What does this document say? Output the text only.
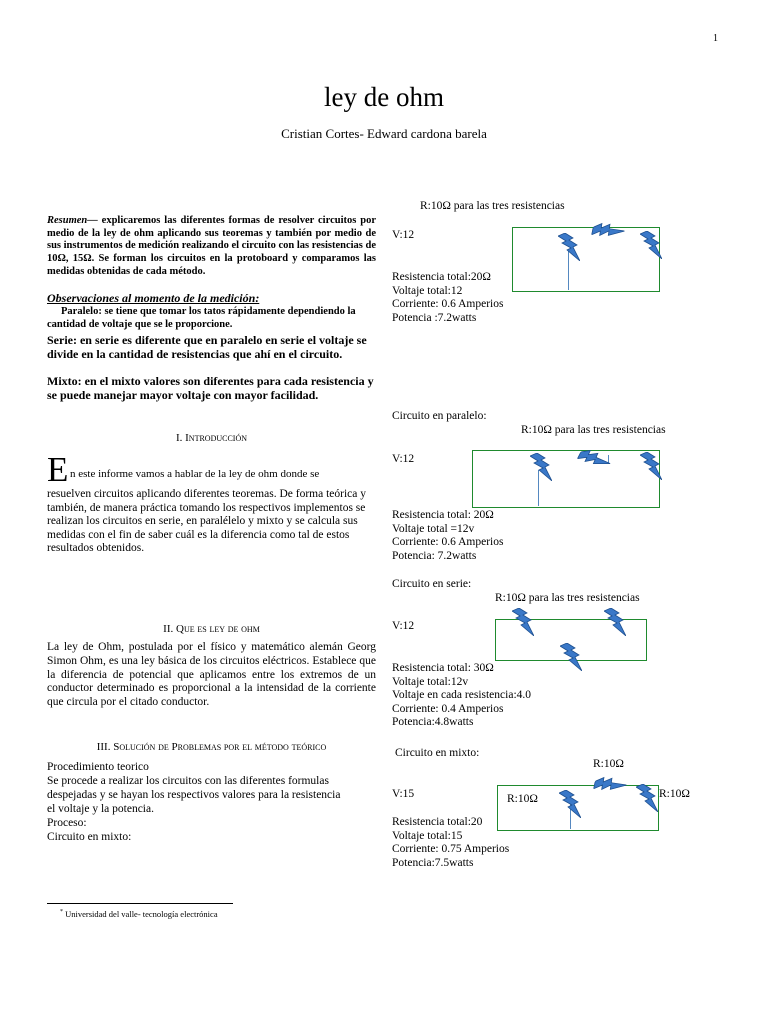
1
ley de ohm
Cristian Cortes- Edward cardona barela
Resumen— explicaremos las diferentes formas de resolver circuitos por medio de la ley de ohm aplicando sus teoremas y también por medio de sus instrumentos de medición realizando el circuito con las resistencias de 10Ω, 15Ω. Se forman los circuitos en la protoboard y comparamos las medidas obtenidas de cada método.
Observaciones al momento de la medición:
Paralelo: se tiene que tomar los tatos rápidamente dependiendo la cantidad de voltaje que se le proporcione.
Serie: en serie es diferente que en paralelo en serie el voltaje se divide en la cantidad de resistencias que ahí en el circuito.
Mixto: en el mixto valores son diferentes para cada resistencia y se puede manejar mayor voltaje con mayor facilidad.
I. Introducción
E n este informe vamos a hablar de la ley de ohm donde se
resuelven circuitos aplicando diferentes teoremas. De forma teórica y también, de manera práctica tomando los respectivos implementos se realizan los circuitos en serie, en paralélelo y mixto y se calcula sus medidas con el fin de saber cuál es la diferencia como tal de estos resultados obtenidos.
II. Que es ley de ohm
La ley de Ohm, postulada por el físico y matemático alemán Georg Simon Ohm, es una ley básica de los circuitos eléctricos. Establece que la diferencia de potencial que aplicamos entre los extremos de un conductor determinado es proporcional a la intensidad de la corriente que circula por el citado conductor.
III. Solución de Problemas por el método teórico
Procedimiento teorico
Se procede a realizar los circuitos con las diferentes formulas despejadas y se hayan los respectivos valores para la resistencia el voltaje y la potencia.
Proceso:
Circuito en mixto:
* Universidad del valle- tecnología electrónica
R:10Ω para las tres resistencias
V:12
Resistencia total:20Ω
Voltaje total:12
Corriente: 0.6 Amperios
Potencia :7.2watts
Circuito en paralelo:
R:10Ω para las tres resistencias
V:12
Resistencia total: 20Ω
Voltaje total =12v
Corriente: 0.6 Amperios
Potencia: 7.2watts
Circuito en serie:
R:10Ω para las tres resistencias
V:12
Resistencia total: 30Ω
Voltaje total:12v
Voltaje en cada resistencia:4.0
Corriente: 0.4 Amperios
Potencia:4.8watts
Circuito en mixto:
R:10Ω
V:15	R:10Ω	R:10Ω
Resistencia total:20
Voltaje total:15
Corriente: 0.75 Amperios
Potencia:7.5watts
